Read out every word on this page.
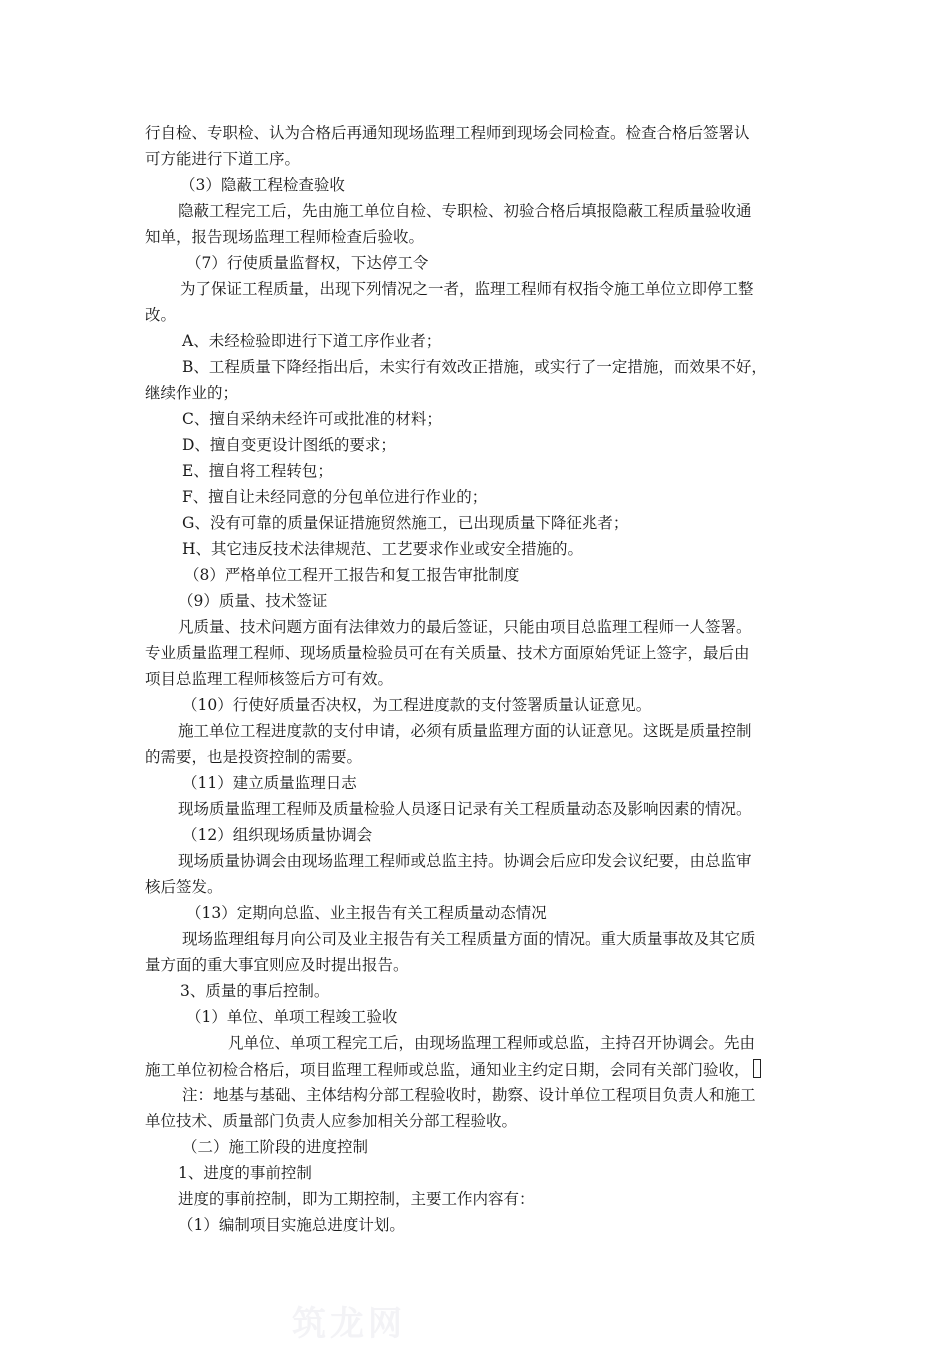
行自检、专职检、认为合格后再通知现场监理工程师到现场会同检查。检查合格后签署认
可方能进行下道工序。
（3）隐蔽工程检查验收
隐蔽工程完工后，先由施工单位自检、专职检、初验合格后填报隐蔽工程质量验收通
知单，报告现场监理工程师检查后验收。
（7）行使质量监督权，下达停工令
为了保证工程质量，出现下列情况之一者，监理工程师有权指令施工单位立即停工整
改。
A、未经检验即进行下道工序作业者；
B、工程质量下降经指出后，未实行有效改正措施，或实行了一定措施，而效果不好，
继续作业的；
C、擅自采纳未经许可或批准的材料；
D、擅自变更设计图纸的要求；
E、擅自将工程转包；
F、擅自让未经同意的分包单位进行作业的；
G、没有可靠的质量保证措施贸然施工，已出现质量下降征兆者；
H、其它违反技术法律规范、工艺要求作业或安全措施的。
（8）严格单位工程开工报告和复工报告审批制度
（9）质量、技术签证
凡质量、技术问题方面有法律效力的最后签证，只能由项目总监理工程师一人签署。
专业质量监理工程师、现场质量检验员可在有关质量、技术方面原始凭证上签字，最后由
项目总监理工程师核签后方可有效。
（10）行使好质量否决权，为工程进度款的支付签署质量认证意见。
施工单位工程进度款的支付申请，必须有质量监理方面的认证意见。这既是质量控制
的需要，也是投资控制的需要。
（11）建立质量监理日志
现场质量监理工程师及质量检验人员逐日记录有关工程质量动态及影响因素的情况。
（12）组织现场质量协调会
现场质量协调会由现场监理工程师或总监主持。协调会后应印发会议纪要，由总监审
核后签发。
（13）定期向总监、业主报告有关工程质量动态情况
现场监理组每月向公司及业主报告有关工程质量方面的情况。重大质量事故及其它质
量方面的重大事宜则应及时提出报告。
3、质量的事后控制。
（1）单位、单项工程竣工验收
凡单位、单项工程完工后，由现场监理工程师或总监，主持召开协调会。先由
施工单位初检合格后，项目监理工程师或总监，通知业主约定日期，会同有关部门验收，
注：地基与基础、主体结构分部工程验收时，勘察、设计单位工程项目负责人和施工
单位技术、质量部门负责人应参加相关分部工程验收。
（二）施工阶段的进度控制
1、进度的事前控制
进度的事前控制，即为工期控制，主要工作内容有：
（1）编制项目实施总进度计划。
筑龙网
